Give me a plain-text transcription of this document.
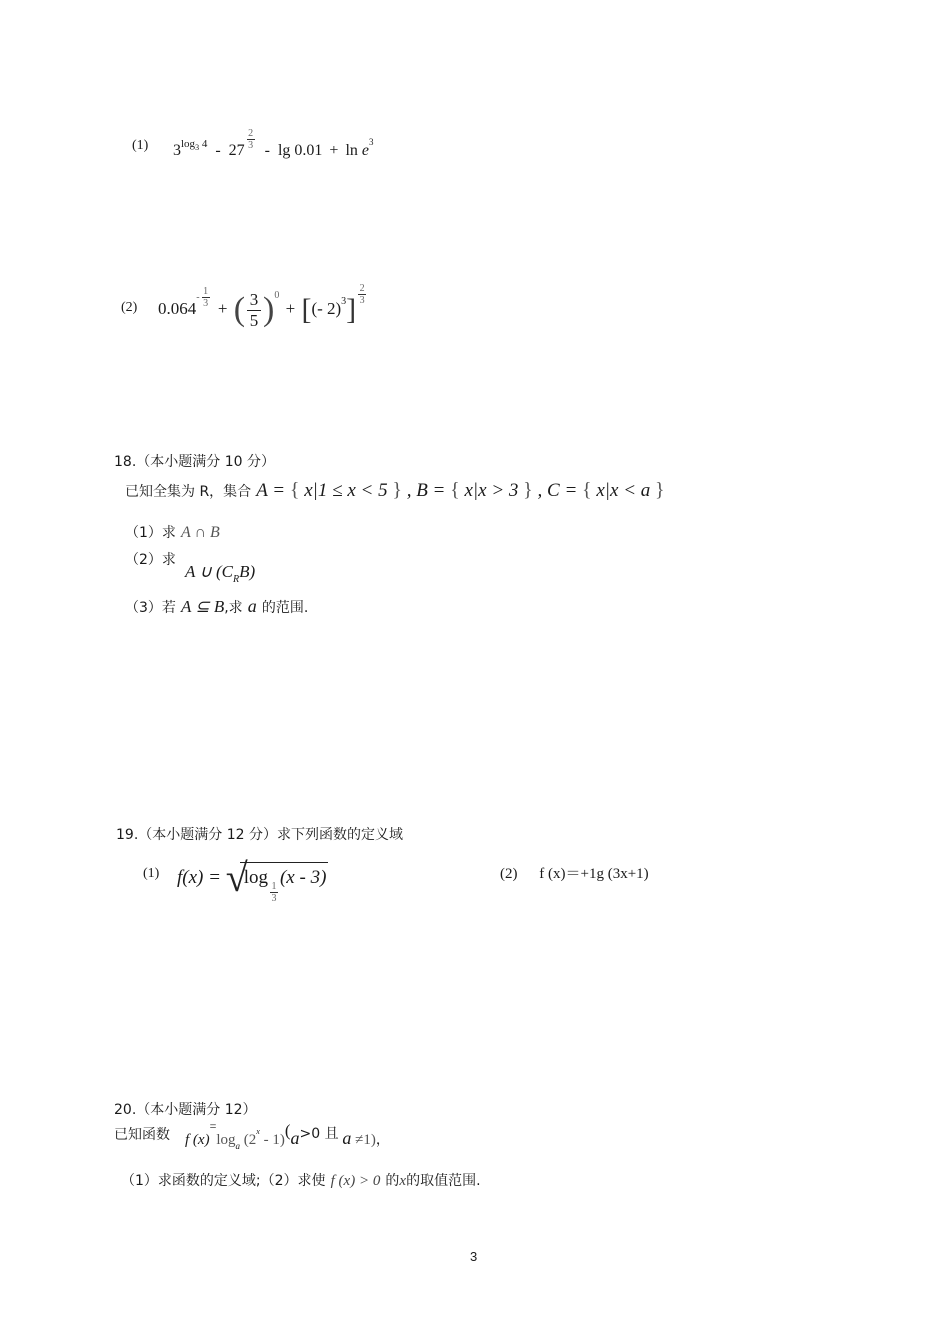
(1) $3^{log_3 4} - 27 \frac{2}{3} - \lg 0.01 + \ln e^3$
(2) $0.064^{- \frac{1}{3}}$ + ( $\frac{3}{5} )^0$ + [(- $2)^3] \frac{2}{3}$
18.（本小题满分 10 分）
已知全集为 R，集合 A = { x|1 ≤ x < 5 } , B = { x|x > 3 } , C = { x|x < a }
（1）求 A ∩ B
（2）求
A ∪ $(C_RB)$
（3）若 A ⊆ B,求 a 的范围.
19.（本小题满分 12 分）求下列函数的定义域
(1) f(x) = √
log
$\frac{1}{3}$
(x - 3)	(2) f (x)＝+1g (3x+1)
20.（本小题满分 12）
已知函数 f $(x)^=\log_a$ (2$^x$ - 1)(a>0 且 a ≠1)，
（1）求函数的定义域;（2）求使 f (x) > 0 的x的取值范围.
3
